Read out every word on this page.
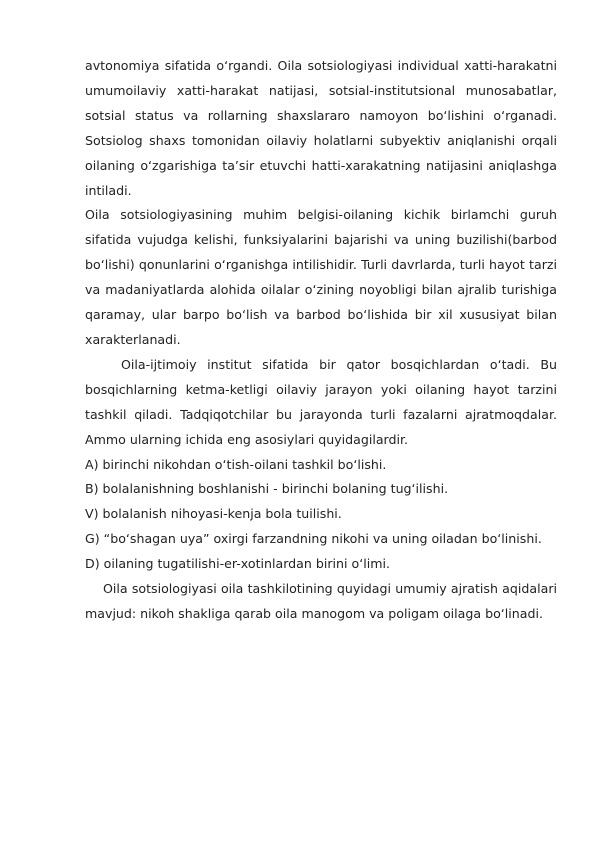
avtonomiya sifatida o‘rgandi. Oila sotsiologiyasi individual xatti-harakatni umumoilaviy xatti-harakat natijasi, sotsial-institutsional munosabatlar, sotsial status va rollarning shaxslararo namoyon bo‘lishini o‘rganadi. Sotsiolog shaxs tomonidan oilaviy holatlarni subyektiv aniqlanishi orqali oilaning o‘zgarishiga ta’sir etuvchi hatti-xarakatning natijasini aniqlashga intiladi.

Oila sotsiologiyasining muhim belgisi-oilaning kichik birlamchi guruh sifatida vujudga kelishi, funksiyalarini bajarishi va uning buzilishi(barbod bo‘lishi) qonunlarini o‘rganishga intilishidir. Turli davrlarda, turli hayot tarzi va madaniyatlarda alohida oilalar o‘zining noyobligi bilan ajralib turishiga qaramay, ular barpo bo‘lish va barbod bo‘lishida bir xil xususiyat bilan xarakterlanadi.

Oila-ijtimoiy institut sifatida bir qator bosqichlardan o‘tadi. Bu bosqichlarning ketma-ketligi oilaviy jarayon yoki oilaning hayot tarzini tashkil qiladi. Tadqiqotchilar bu jarayonda turli fazalarni ajratmoqdalar. Ammo ularning ichida eng asosiylari quyidagilardir.

A) birinchi nikohdan o‘tish-oilani tashkil bo‘lishi.

B) bolalanishning boshlanishi - birinchi bolaning tug‘ilishi.

V) bolalanish nihoyasi-kenja bola tuilishi.

G) “bo‘shagan uya” oxirgi farzandning nikohi va uning oiladan bo‘linishi.

D) oilaning tugatilishi-er-xotinlardan birini o‘limi.

Oila sotsiologiyasi oila tashkilotining quyidagi umumiy ajratish aqidalari mavjud: nikoh shakliga qarab oila manogom va poligam oilaga bo‘linadi.
